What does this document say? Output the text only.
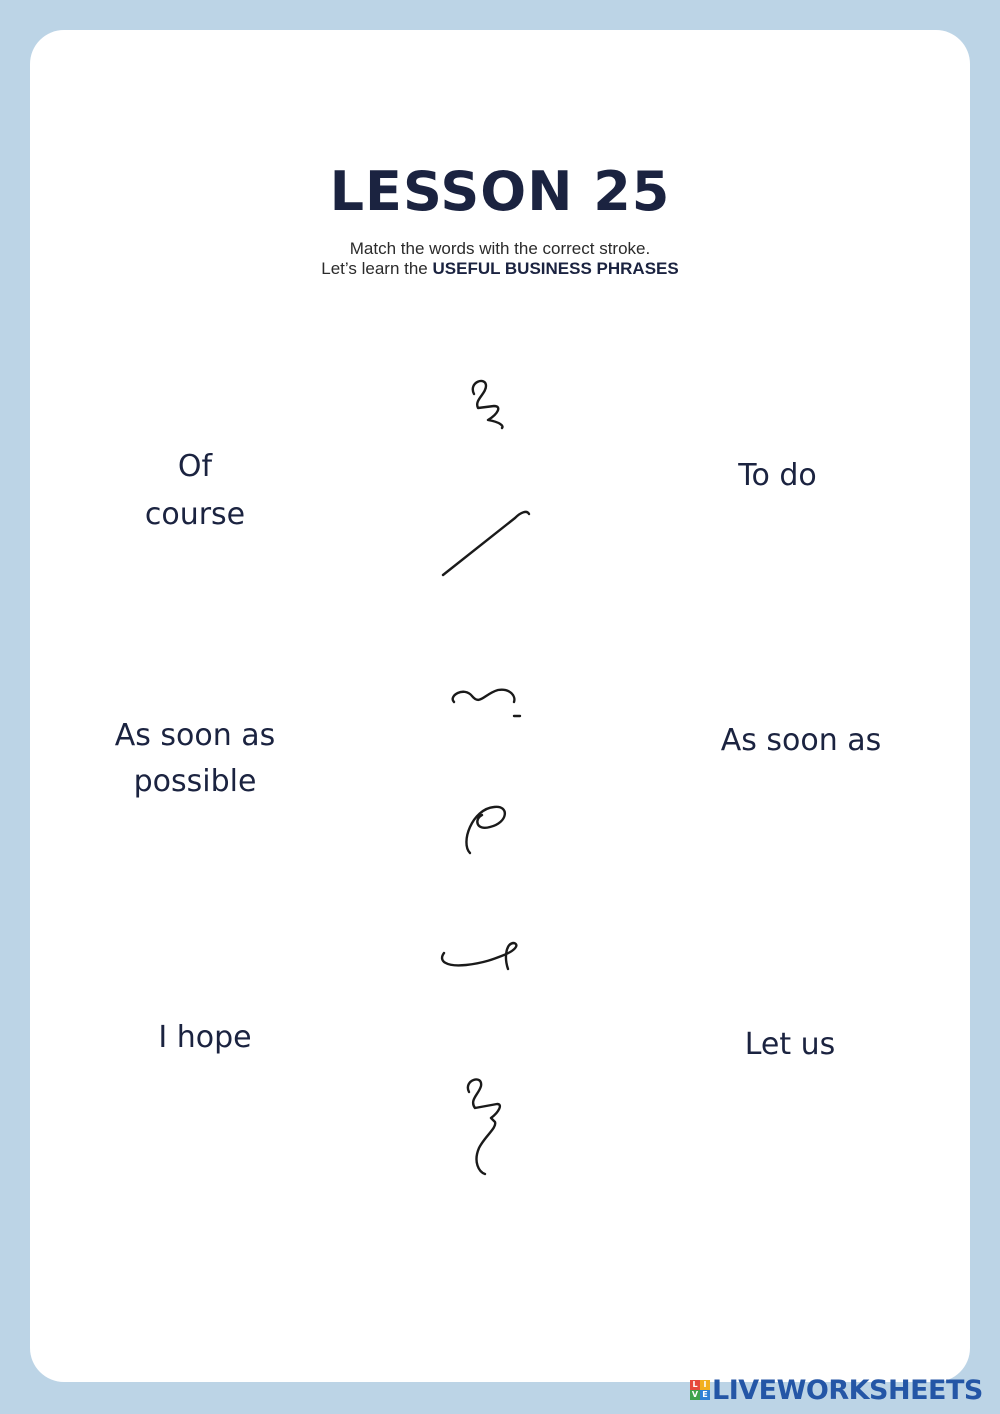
LESSON 25
Match the words with the correct stroke.
Let’s learn the USEFUL BUSINESS PHRASES
Of
course
As soon as
possible
I hope
To do
As soon as
Let us
L I
V E LIVEWORKSHEETS
